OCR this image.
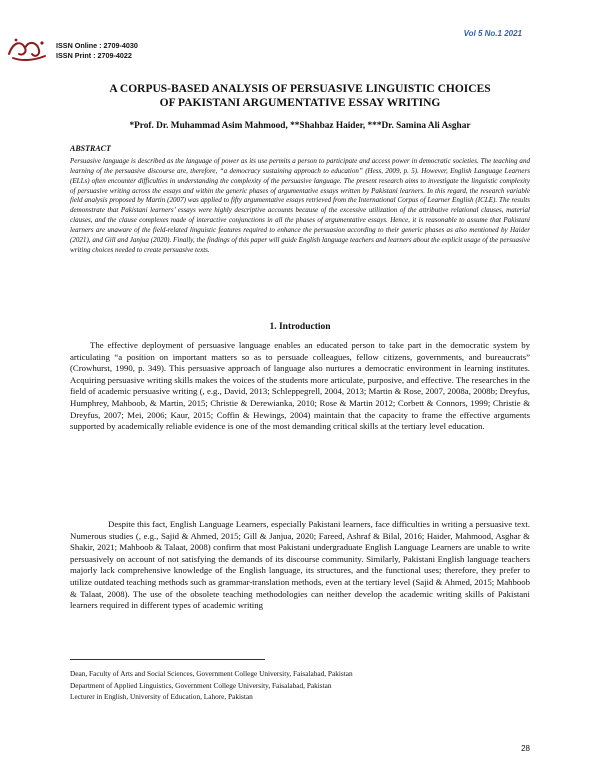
ISSN Online : 2709-4030
ISSN Print : 2709-4022
Vol 5 No.1 2021
A CORPUS-BASED ANALYSIS OF PERSUASIVE LINGUISTIC CHOICES
OF PAKISTANI ARGUMENTATIVE ESSAY WRITING
*Prof. Dr. Muhammad Asim Mahmood, **Shahbaz Haider, ***Dr. Samina Ali Asghar
ABSTRACT

Persuasive language is described as the language of power as its use permits a person to participate and access power in democratic societies. The teaching and learning of the persuasive discourse are, therefore, “a democracy sustaining approach to education” (Hess, 2009, p. 5). However, English Language Learners (ELLs) often encounter difficulties in understanding the complexity of the persuasive language. The present research aims to investigate the linguistic complexity of persuasive writing across the essays and within the generic phases of argumentative essays written by Pakistani learners. In this regard, the research variable field analysis proposed by Martin (2007) was applied to fifty argumentative essays retrieved from the International Corpus of Learner English (ICLE). The results demonstrate that Pakistani learners’ essays were highly descriptive accounts because of the excessive utilization of the attributive relational clauses, material clauses, and the clause complexes made of interactive conjunctions in all the phases of argumentative essays. Hence, it is reasonable to assume that Pakistani learners are unaware of the field-related linguistic features required to enhance the persuasion according to their generic phases as also mentioned by Haider (2021), and Gill and Janjua (2020). Finally, the findings of this paper will guide English language teachers and learners about the explicit usage of the persuasive writing choices needed to create persuasive texts.

1. Introduction

The effective deployment of persuasive language enables an educated person to take part in the democratic system by articulating “a position on important matters so as to persuade colleagues, fellow citizens, governments, and bureaucrats” (Crowhurst, 1990, p. 349). This persuasive approach of language also nurtures a democratic environment in learning institutes. Acquiring persuasive writing skills makes the voices of the students more articulate, purposive, and effective. The researches in the field of academic persuasive writing (, e.g., David, 2013; Schleppegrell, 2004, 2013; Martin & Rose, 2007, 2008a, 2008b; Dreyfus, Humphrey, Mahboob, & Martin, 2015; Christie & Derewianka, 2010; Rose & Martin 2012; Corbett & Connors, 1999; Christie & Dreyfus, 2007; Mei, 2006; Kaur, 2015; Coffin & Hewings, 2004) maintain that the capacity to frame the effective arguments supported by academically reliable evidence is one of the most demanding critical skills at the tertiary level education.

Despite this fact, English Language Learners, especially Pakistani learners, face difficulties in writing a persuasive text. Numerous studies (, e.g., Sajid & Ahmed, 2015; Gill & Janjua, 2020; Fareed, Ashraf & Bilal, 2016; Haider, Mahmood, Asghar & Shakir, 2021; Mahboob & Talaat, 2008) confirm that most Pakistani undergraduate English Language Learners are unable to write persuasively on account of not satisfying the demands of its discourse community. Similarly, Pakistani English language teachers majorly lack comprehensive knowledge of the English language, its structures, and the functional uses; therefore, they prefer to utilize outdated teaching methods such as grammar-translation methods, even at the tertiary level (Sajid & Ahmed, 2015; Mahboob & Talaat, 2008). The use of the obsolete teaching methodologies can neither develop the academic writing skills of Pakistani learners required in different types of academic writing

Dean, Faculty of Arts and Social Sciences, Government College University, Faisalabad, Pakistan
Department of Applied Linguistics, Government College University, Faisalabad, Pakistan
Lecturer in English, University of Education, Lahore, Pakistan
28
